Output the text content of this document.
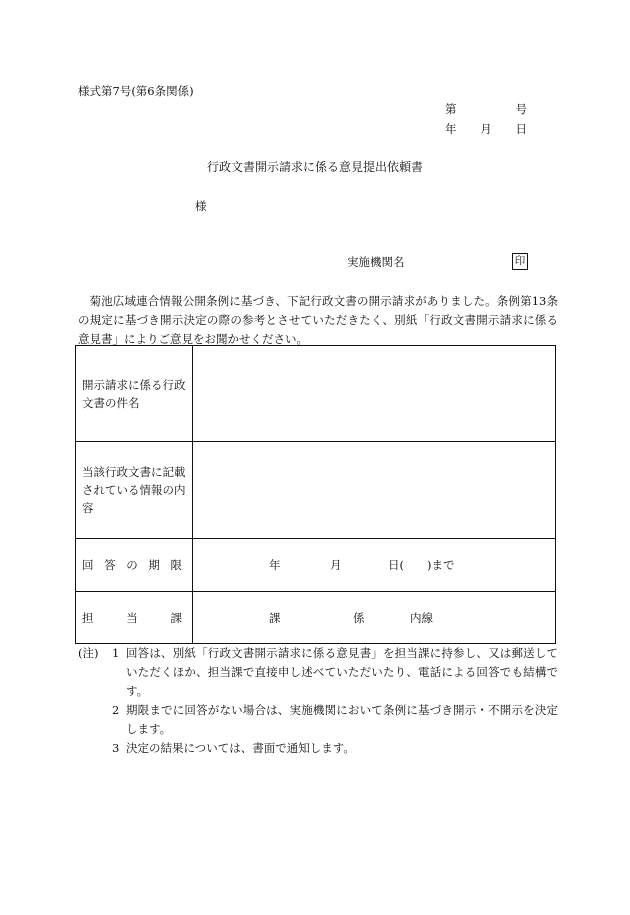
様式第7号(第6条関係)
第	号
年 月 日
行政文書開示請求に係る意見提出依頼書
様
実施機関名	印
菊池広域連合情報公開条例に基づき、下記行政文書の開示請求がありました。条例第13条の規定に基づき開示決定の際の参考とさせていただきたく、別紙「行政文書開示請求に係る意見書」によりご意見をお聞かせください。
開示請求に係る行政文書の件名	
当該行政文書に記載されている情報の内容	

回 答 の 期 限	年 月 日(　　)まで

担 当 課	課 係 内線
(注) 1 回答は、別紙「行政文書開示請求に係る意見書」を担当課に持参し、又は郵送していただくほか、担当課で直接申し述べていただいたり、電話による回答でも結構です。
2 期限までに回答がない場合は、実施機関において条例に基づき開示・不開示を決定します。
3 決定の結果については、書面で通知します。
